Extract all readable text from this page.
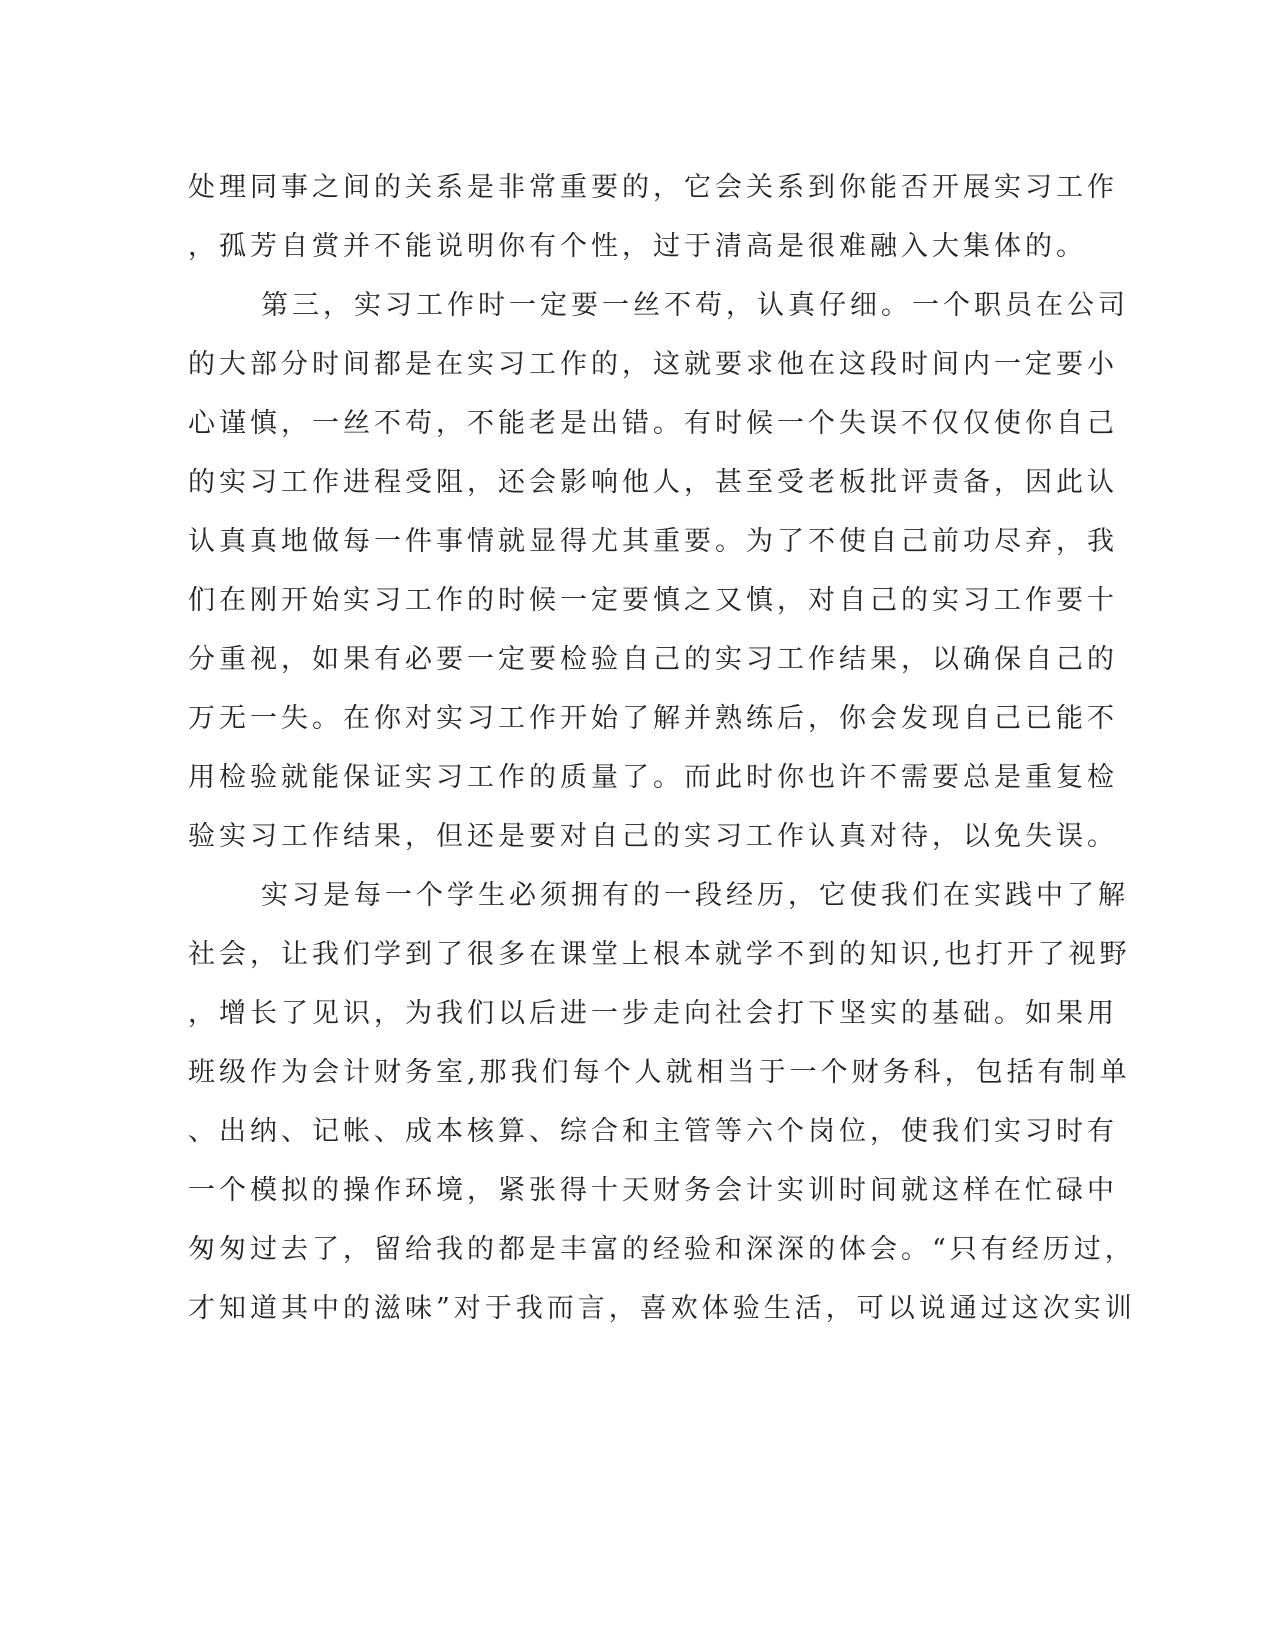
处理同事之间的关系是非常重要的，它会关系到你能否开展实习工作
，孤芳自赏并不能说明你有个性，过于清高是很难融入大集体的。
第三，实习工作时一定要一丝不苟，认真仔细。一个职员在公司
的大部分时间都是在实习工作的，这就要求他在这段时间内一定要小
心谨慎，一丝不苟，不能老是出错。有时候一个失误不仅仅使你自己
的实习工作进程受阻，还会影响他人，甚至受老板批评责备，因此认
认真真地做每一件事情就显得尤其重要。为了不使自己前功尽弃，我
们在刚开始实习工作的时候一定要慎之又慎，对自己的实习工作要十
分重视，如果有必要一定要检验自己的实习工作结果，以确保自己的
万无一失。在你对实习工作开始了解并熟练后，你会发现自己已能不
用检验就能保证实习工作的质量了。而此时你也许不需要总是重复检
验实习工作结果，但还是要对自己的实习工作认真对待，以免失误。
实习是每一个学生必须拥有的一段经历，它使我们在实践中了解
社会，让我们学到了很多在课堂上根本就学不到的知识,也打开了视野
，增长了见识，为我们以后进一步走向社会打下坚实的基础。如果用
班级作为会计财务室,那我们每个人就相当于一个财务科，包括有制单
、出纳、记帐、成本核算、综合和主管等六个岗位，使我们实习时有
一个模拟的操作环境，紧张得十天财务会计实训时间就这样在忙碌中
匆匆过去了，留给我的都是丰富的经验和深深的体会。“只有经历过，
才知道其中的滋味”对于我而言，喜欢体验生活，可以说通过这次实训
